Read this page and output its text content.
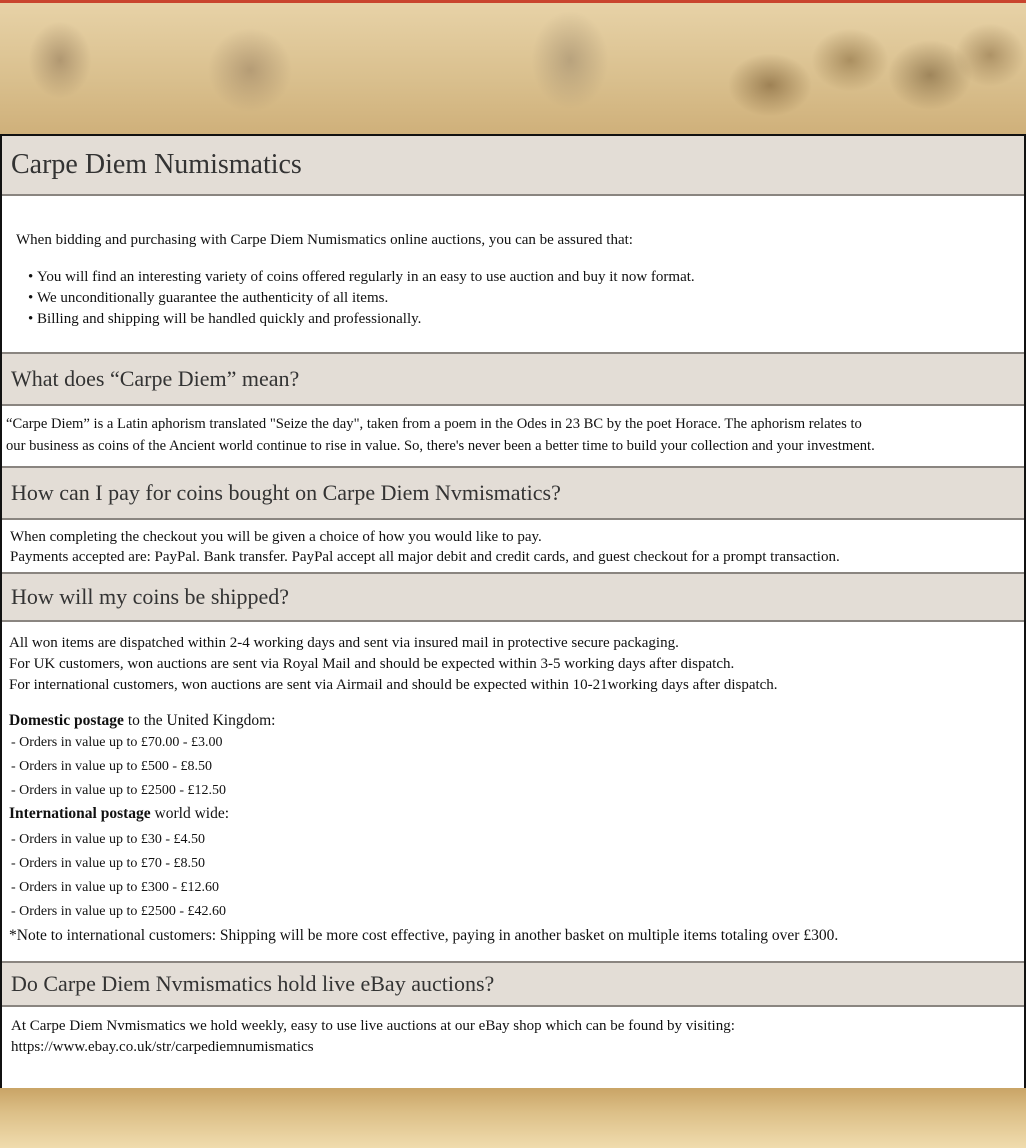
Carpe Diem Numismatics
When bidding and purchasing with Carpe Diem Numismatics online auctions, you can be assured that:
• You will find an interesting variety of coins offered regularly in an easy to use auction and buy it now format.
• We unconditionally guarantee the authenticity of all items.
• Billing and shipping will be handled quickly and professionally.
What does “Carpe Diem” mean?
“Carpe Diem” is a Latin aphorism translated "Seize the day", taken from a poem in the Odes in 23 BC by the poet Horace. The aphorism relates to
our business as coins of the Ancient world continue to rise in value. So, there's never been a better time to build your collection and your investment.
How can I pay for coins bought on Carpe Diem Nvmismatics?
When completing the checkout you will be given a choice of how you would like to pay.
Payments accepted are: PayPal. Bank transfer. PayPal accept all major debit and credit cards, and guest checkout for a prompt transaction.
How will my coins be shipped?

All won items are dispatched within 2-4 working days and sent via insured mail in protective secure packaging.

For UK customers, won auctions are sent via Royal Mail and should be expected within 3-5 working days after dispatch.

For international customers, won auctions are sent via Airmail and should be expected within 10-21working days after dispatch.

Domestic postage to the United Kingdom:

- Orders in value up to £70.00 - £3.00

- Orders in value up to £500 - £8.50

- Orders in value up to £2500 - £12.50

International postage world wide:

- Orders in value up to £30 - £4.50

- Orders in value up to £70 - £8.50

- Orders in value up to £300 - £12.60

- Orders in value up to £2500 - £42.60

*Note to international customers: Shipping will be more cost effective, paying in another basket on multiple items totaling over £300.

Do Carpe Diem Nvmismatics hold live eBay auctions?
At Carpe Diem Nvmismatics we hold weekly, easy to use live auctions at our eBay shop which can be found by visiting:
https://www.ebay.co.uk/str/carpediemnumismatics
